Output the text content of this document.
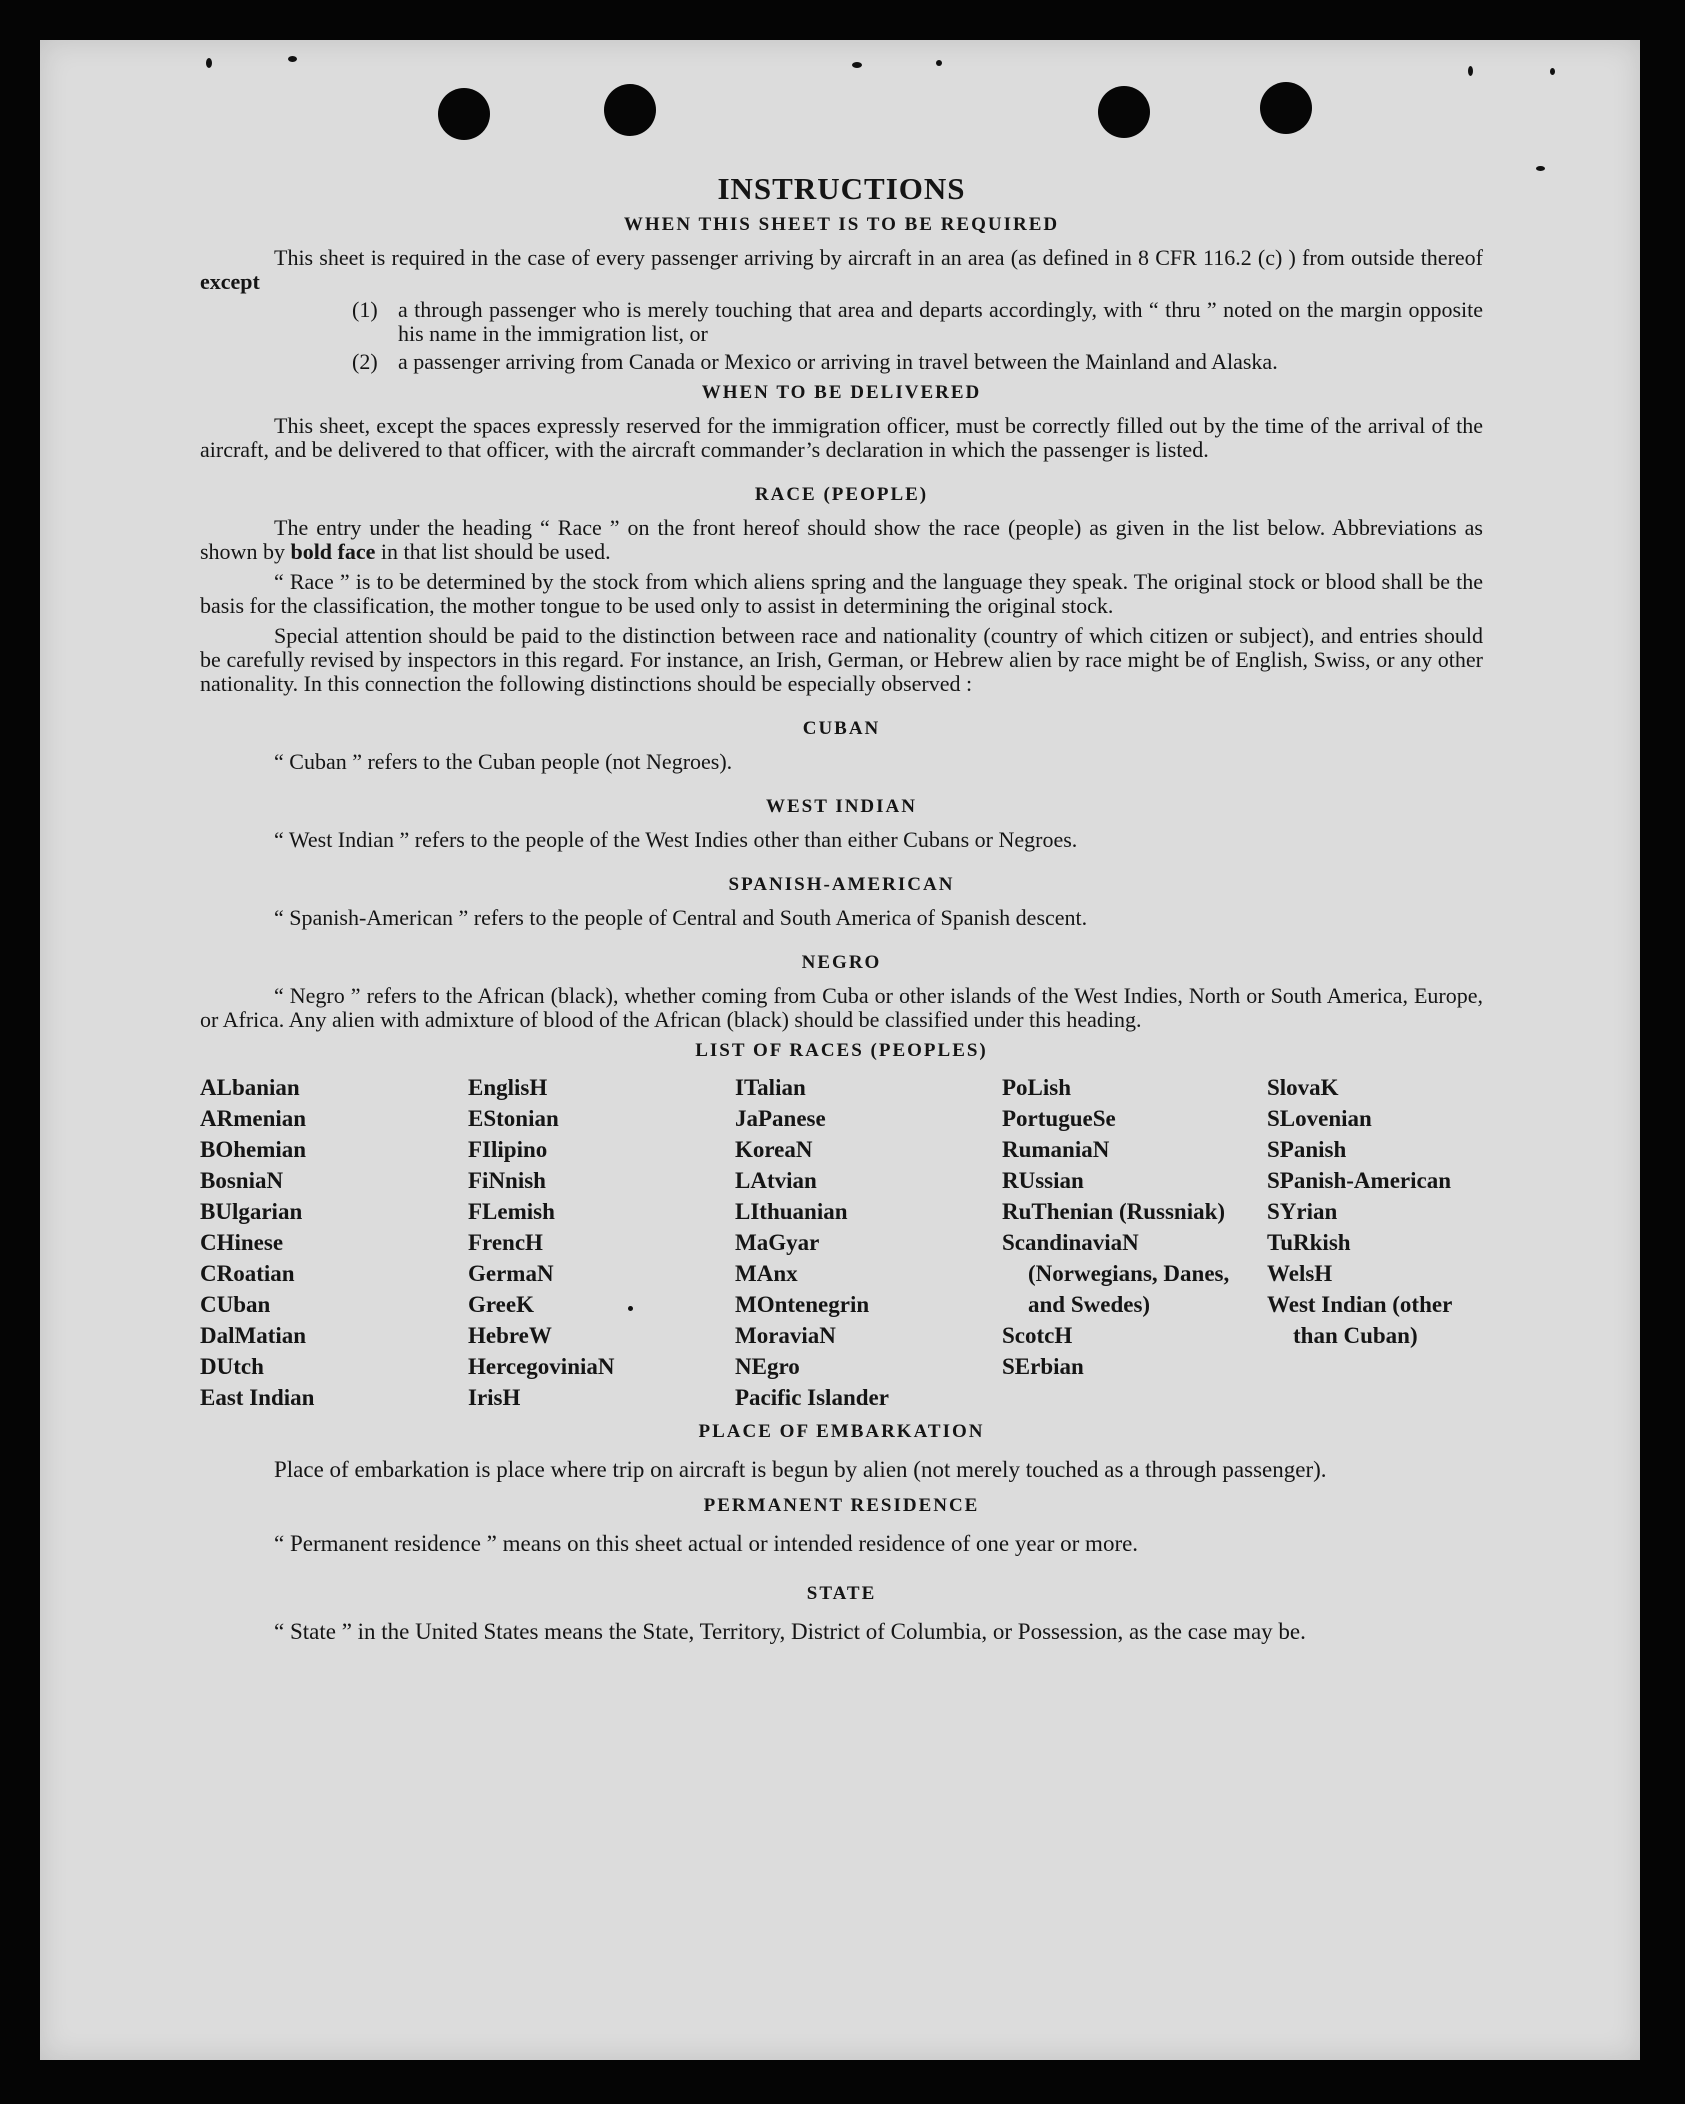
INSTRUCTIONS
WHEN THIS SHEET IS TO BE REQUIRED

This sheet is required in the case of every passenger arriving by aircraft in an area (as defined in 8 CFR 116.2 (c) ) from outside thereof except

(1) a through passenger who is merely touching that area and departs accordingly, with “ thru ” noted on the margin opposite his name in the immigration list, or
(2) a passenger arriving from Canada or Mexico or arriving in travel between the Mainland and Alaska.
WHEN TO BE DELIVERED

This sheet, except the spaces expressly reserved for the immigration officer, must be correctly filled out by the time of the arrival of the aircraft, and be delivered to that officer, with the aircraft commander’s declaration in which the passenger is listed.

RACE (PEOPLE)

The entry under the heading “ Race ” on the front hereof should show the race (people) as given in the list below. Abbreviations as shown by bold face in that list should be used.

“ Race ” is to be determined by the stock from which aliens spring and the language they speak. The original stock or blood shall be the basis for the classification, the mother tongue to be used only to assist in determining the original stock.

Special attention should be paid to the distinction between race and nationality (country of which citizen or subject), and entries should be carefully revised by inspectors in this regard. For instance, an Irish, German, or Hebrew alien by race might be of English, Swiss, or any other nationality. In this connection the following distinctions should be especially observed :

CUBAN

“ Cuban ” refers to the Cuban people (not Negroes).

WEST INDIAN

“ West Indian ” refers to the people of the West Indies other than either Cubans or Negroes.

SPANISH-AMERICAN

“ Spanish-American ” refers to the people of Central and South America of Spanish descent.

NEGRO

“ Negro ” refers to the African (black), whether coming from Cuba or other islands of the West Indies, North or South America, Europe, or Africa. Any alien with admixture of blood of the African (black) should be classified under this heading.

LIST OF RACES (PEOPLES)
ALbanian
ARmenian
BOhemian
BosniaN
BUlgarian
CHinese
CRoatian
CUban
DalMatian
DUtch
East Indian
EnglisH
EStonian
FIlipino
FiNnish
FLemish
FrencH
GermaN
GreeK
HebreW
HercegoviniaN
IrisH
ITalian
JaPanese
KoreaN
LAtvian
LIthuanian
MaGyar
MAnx
MOntenegrin
MoraviaN
NEgro
Pacific Islander
PoLish
PortugueSe
RumaniaN
RUssian
RuThenian (Russniak)
ScandinaviaN (Norwegians, Danes, and Swedes)
ScotcH
SErbian
SlovaK
SLovenian
SPanish
SPanish-American
SYrian
TuRkish
WelsH
West Indian (other than Cuban)
PLACE OF EMBARKATION

Place of embarkation is place where trip on aircraft is begun by alien (not merely touched as a through passenger).

PERMANENT RESIDENCE

“ Permanent residence ” means on this sheet actual or intended residence of one year or more.

STATE

“ State ” in the United States means the State, Territory, District of Columbia, or Possession, as the case may be.
